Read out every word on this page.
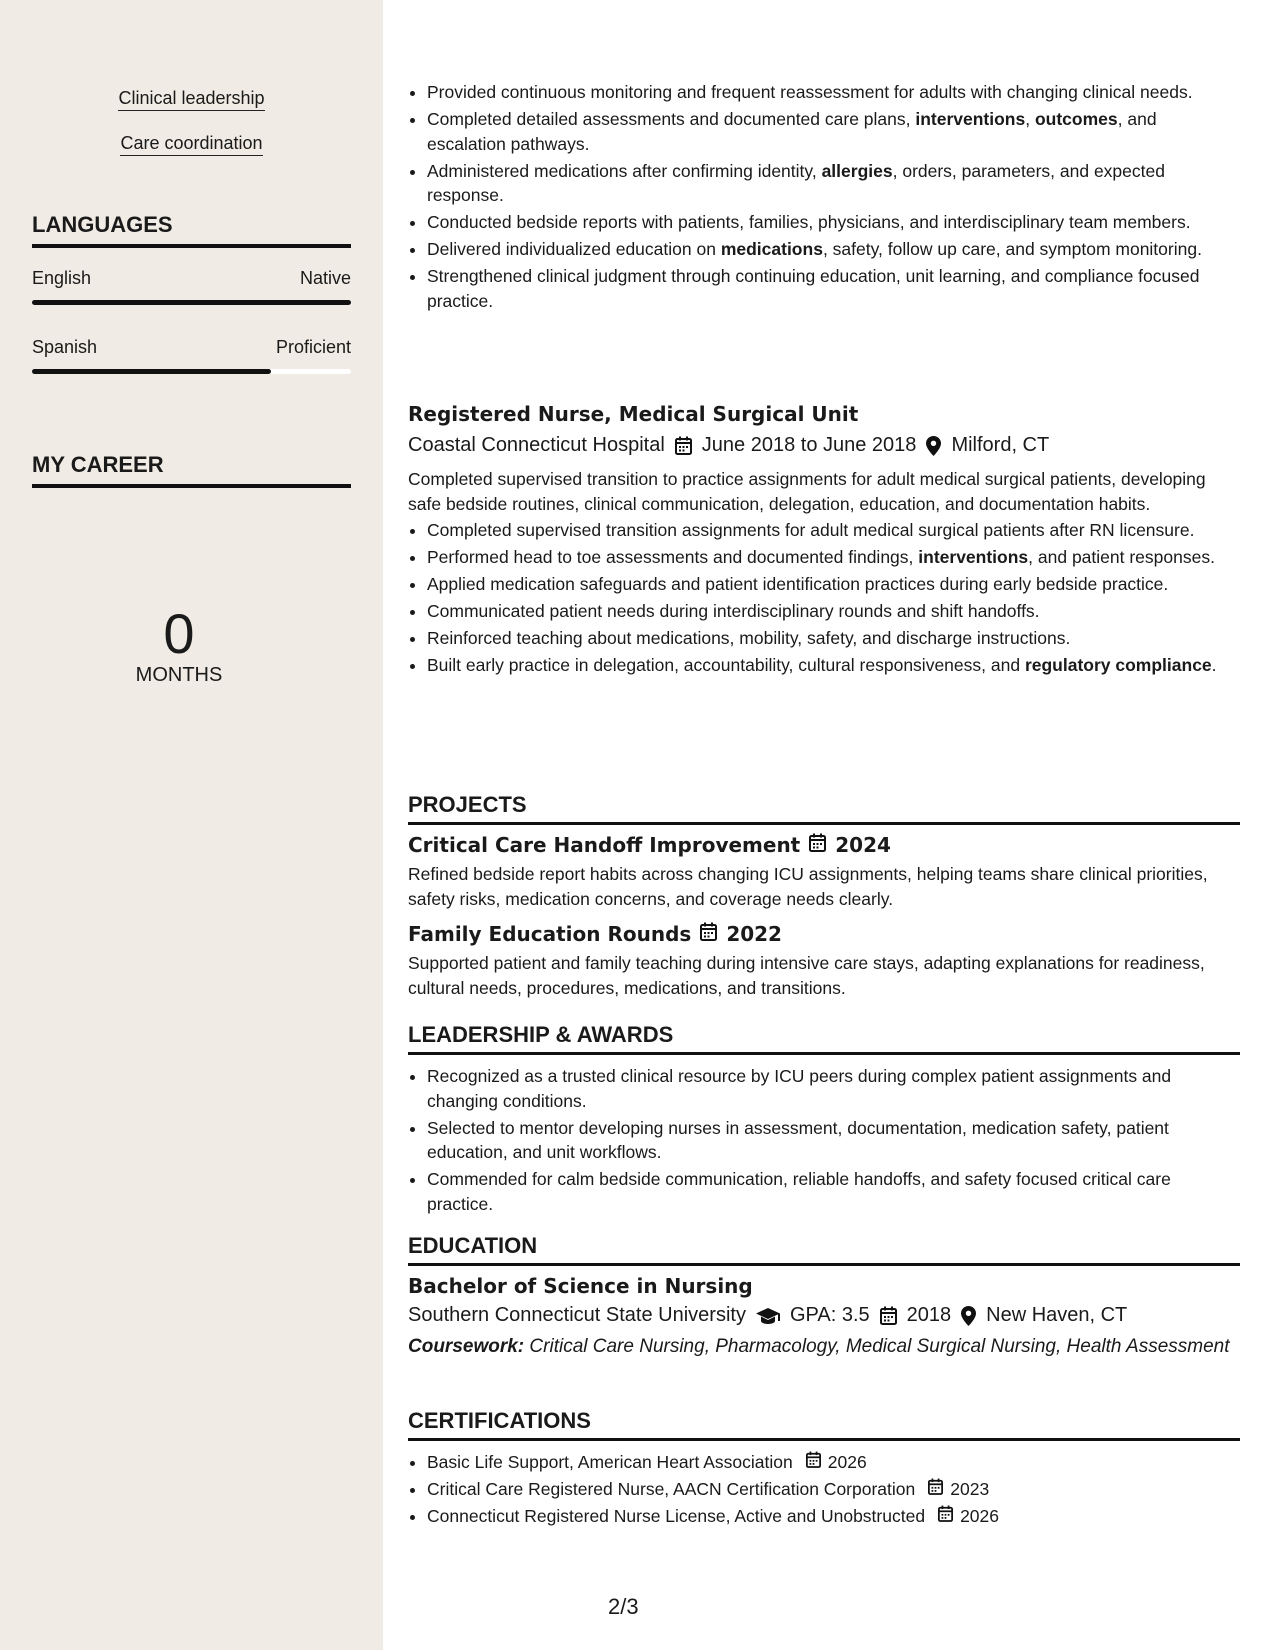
Clinical leadership
Care coordination
LANGUAGES
English	Native
Spanish	Proficient
MY CAREER
0
MONTHS
• Provided continuous monitoring and frequent reassessment for adults with changing clinical needs.
• Completed detailed assessments and documented care plans, interventions, outcomes, and escalation pathways.
• Administered medications after confirming identity, allergies, orders, parameters, and expected response.
• Conducted bedside reports with patients, families, physicians, and interdisciplinary team members.
• Delivered individualized education on medications, safety, follow up care, and symptom monitoring.
• Strengthened clinical judgment through continuing education, unit learning, and compliance focused practice.
Registered Nurse, Medical Surgical Unit
Coastal Connecticut Hospital June 2018 to June 2018 Milford, CT
Completed supervised transition to practice assignments for adult medical surgical patients, developing safe bedside routines, clinical communication, delegation, education, and documentation habits.
• Completed supervised transition assignments for adult medical surgical patients after RN licensure.
• Performed head to toe assessments and documented findings, interventions, and patient responses.
• Applied medication safeguards and patient identification practices during early bedside practice.
• Communicated patient needs during interdisciplinary rounds and shift handoffs.
• Reinforced teaching about medications, mobility, safety, and discharge instructions.
• Built early practice in delegation, accountability, cultural responsiveness, and regulatory compliance.
PROJECTS
Critical Care Handoff Improvement 2024
Refined bedside report habits across changing ICU assignments, helping teams share clinical priorities, safety risks, medication concerns, and coverage needs clearly.
Family Education Rounds 2022
Supported patient and family teaching during intensive care stays, adapting explanations for readiness, cultural needs, procedures, medications, and transitions.
LEADERSHIP & AWARDS
• Recognized as a trusted clinical resource by ICU peers during complex patient assignments and changing conditions.
• Selected to mentor developing nurses in assessment, documentation, medication safety, patient education, and unit workflows.
• Commended for calm bedside communication, reliable handoffs, and safety focused critical care practice.
EDUCATION
Bachelor of Science in Nursing
Southern Connecticut State University GPA: 3.5 2018 New Haven, CT
Coursework: Critical Care Nursing, Pharmacology, Medical Surgical Nursing, Health Assessment
CERTIFICATIONS
• Basic Life Support, American Heart Association 2026
• Critical Care Registered Nurse, AACN Certification Corporation 2023
• Connecticut Registered Nurse License, Active and Unobstructed 2026
2/3
